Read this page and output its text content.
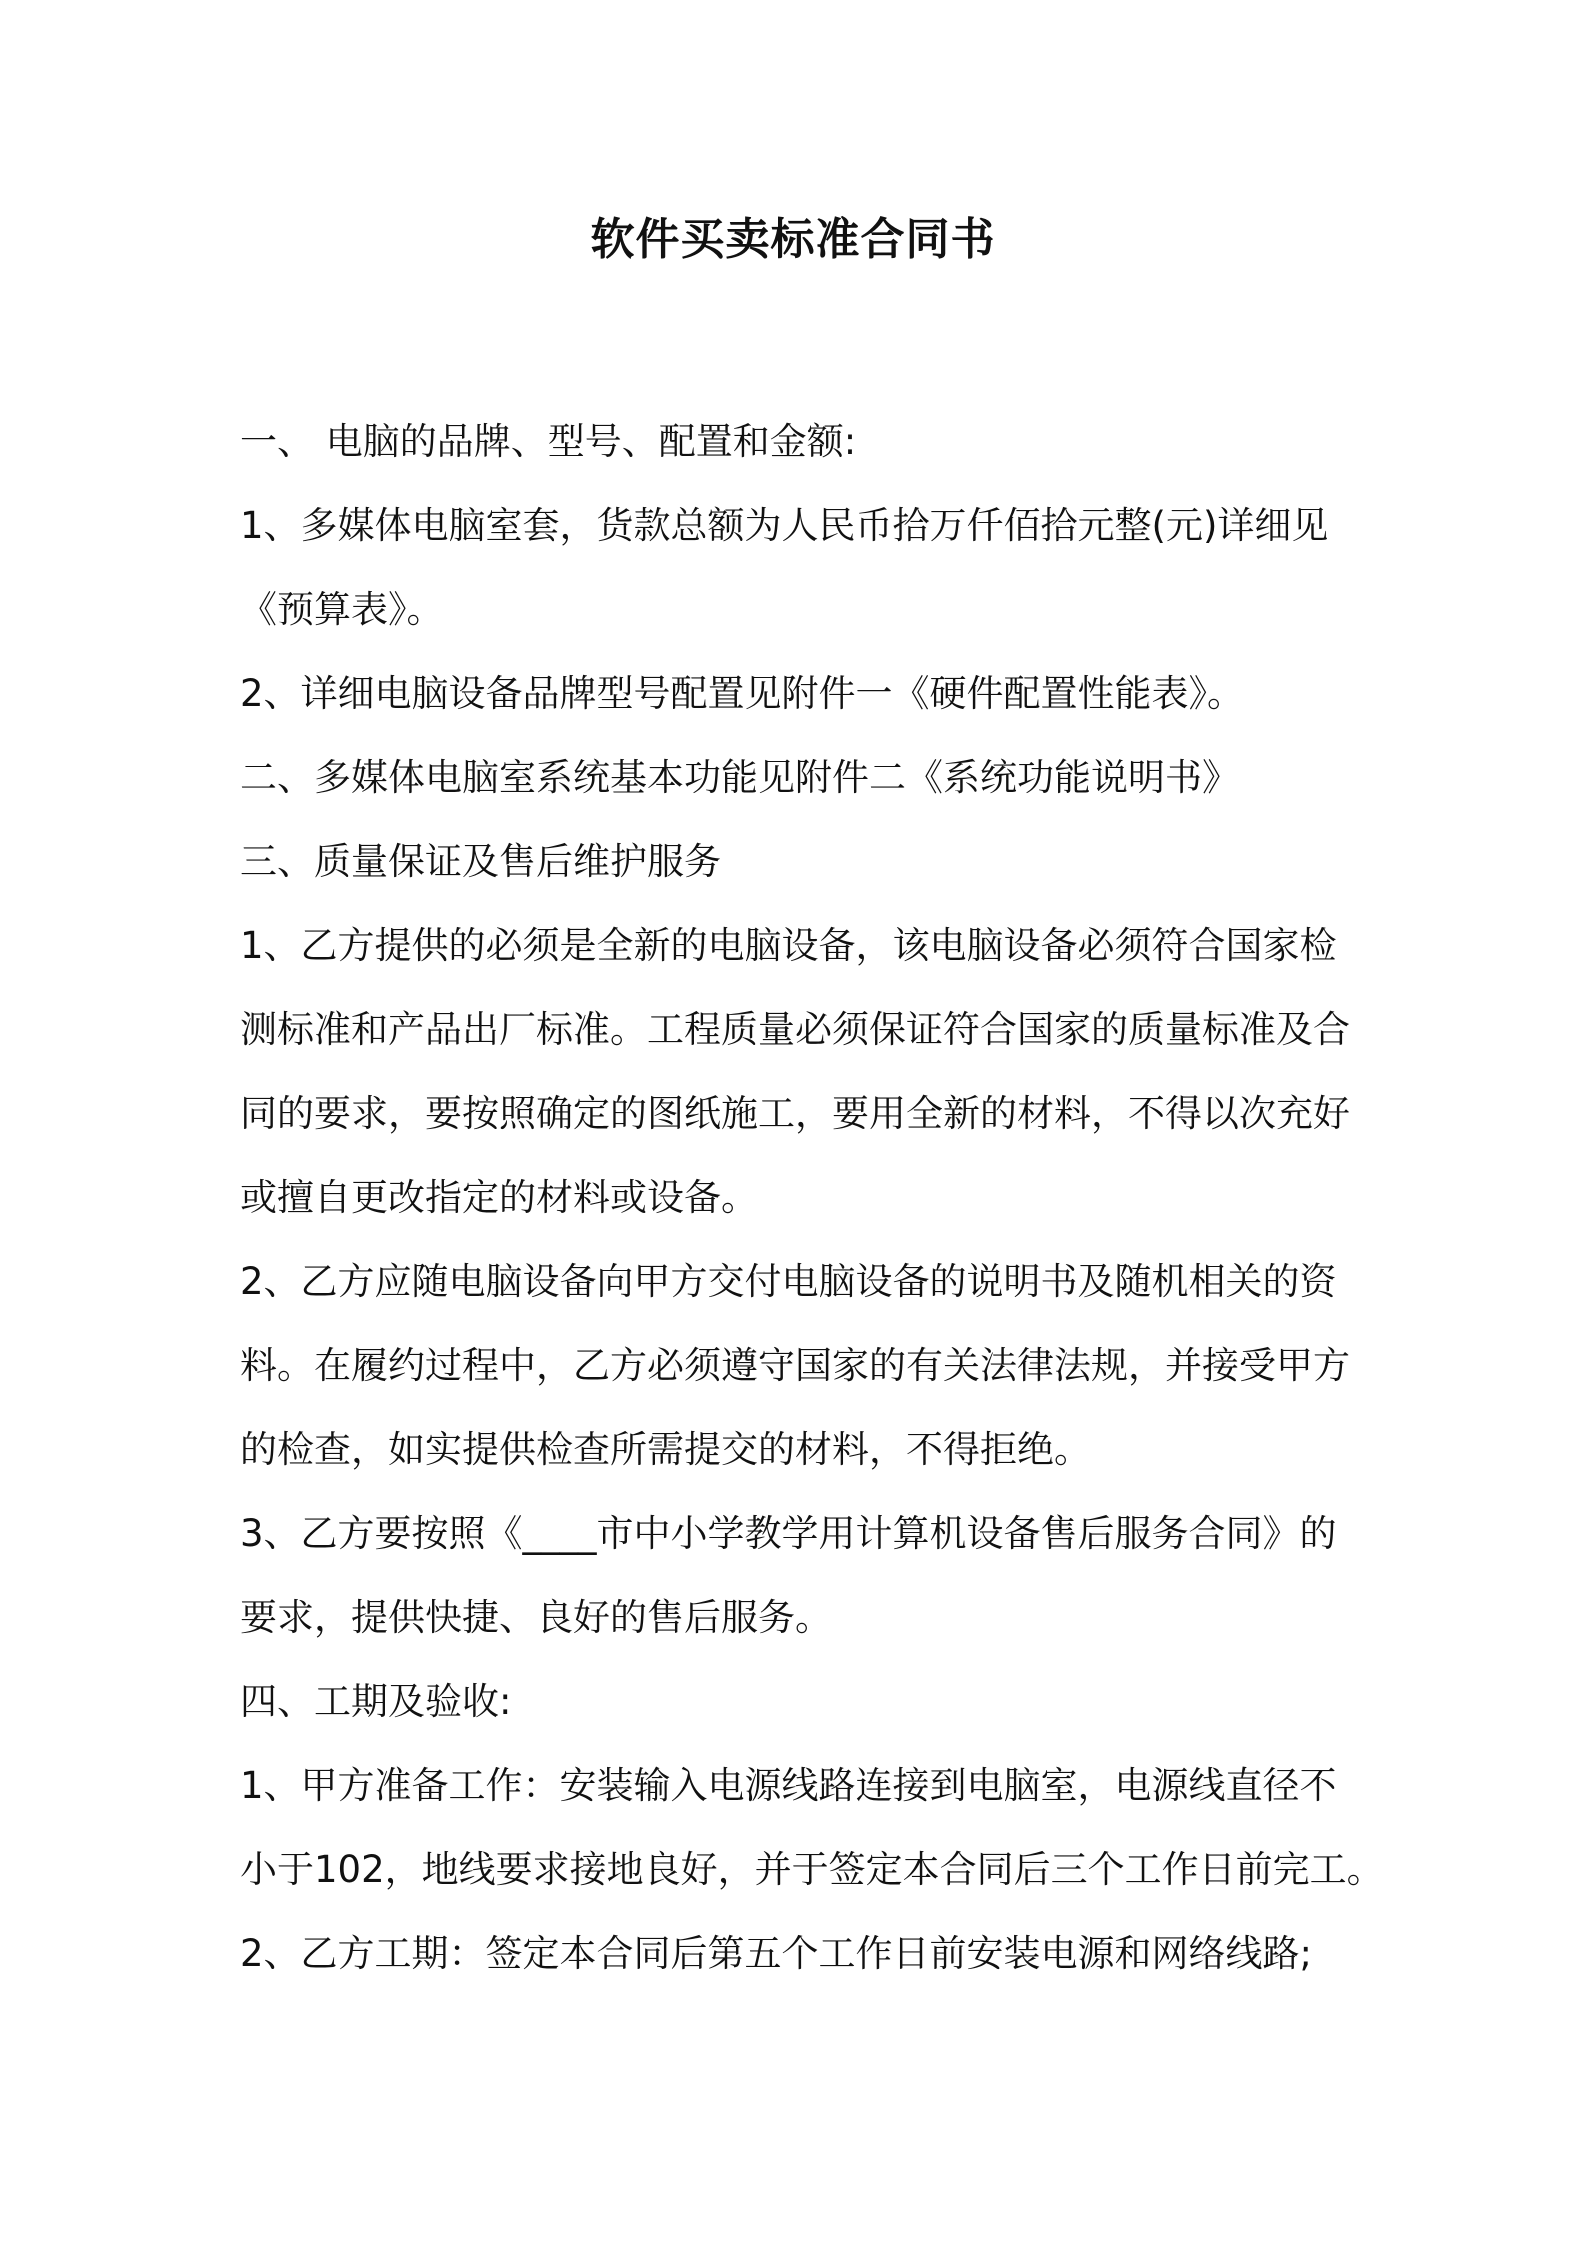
软件买卖标准合同书

一、 电脑的品牌、型号、配置和金额:

1、多媒体电脑室套，货款总额为人民币拾万仟佰拾元整(元)详细见

《预算表》。

2、详细电脑设备品牌型号配置见附件一《硬件配置性能表》。

二、多媒体电脑室系统基本功能见附件二《系统功能说明书》

三、质量保证及售后维护服务

1、乙方提供的必须是全新的电脑设备，该电脑设备必须符合国家检

测标准和产品出厂标准。工程质量必须保证符合国家的质量标准及合

同的要求，要按照确定的图纸施工，要用全新的材料，不得以次充好

或擅自更改指定的材料或设备。

2、乙方应随电脑设备向甲方交付电脑设备的说明书及随机相关的资

料。在履约过程中，乙方必须遵守国家的有关法律法规，并接受甲方

的检查，如实提供检查所需提交的材料，不得拒绝。

3、乙方要按照《____市中小学教学用计算机设备售后服务合同》的

要求，提供快捷、良好的售后服务。

四、工期及验收:

1、甲方准备工作：安装输入电源线路连接到电脑室，电源线直径不

小于102，地线要求接地良好，并于签定本合同后三个工作日前完工。

2、乙方工期：签定本合同后第五个工作日前安装电源和网络线路;
